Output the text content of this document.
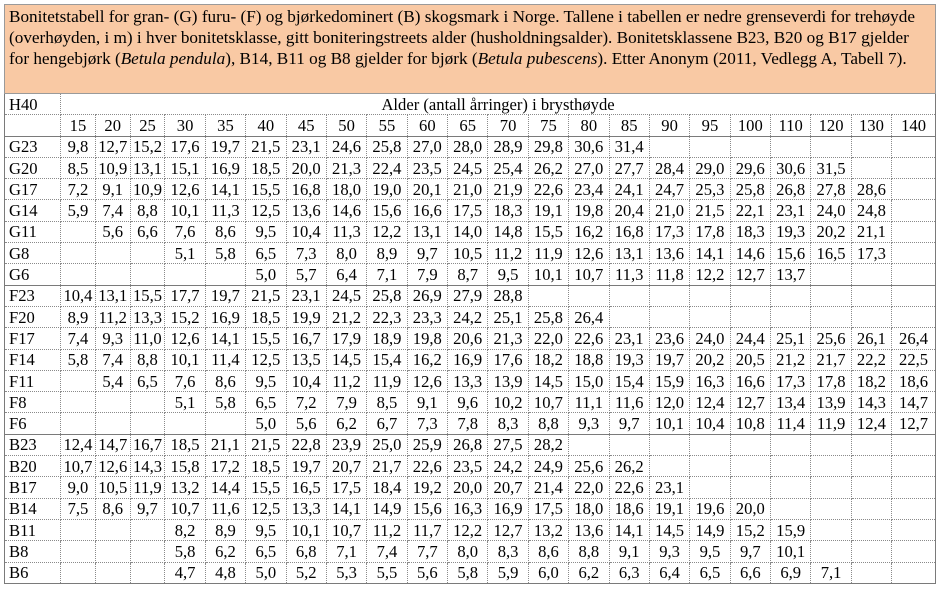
Bonitetstabell for gran- (G) furu- (F) og bjørkedominert (B) skogsmark i Norge. Tallene i tabellen er nedre grenseverdi for trehøyde (overhøyden, i m) i hver bonitetsklasse, gitt boniteringstreets alder (husholdningsalder). Bonitetsklassene B23, B20 og B17 gjelder for hengebjørk (Betula pendula), B14, B11 og B8 gjelder for bjørk (Betula pubescens). Etter Anonym (2011, Vedlegg A, Tabell 7).
H40	Alder (antall årringer) i brysthøyde																					
	15	20	25	30	35	40	45	50	55	60	65	70	75	80	85	90	95	100	110	120	130	140
G23	9,8	12,7	15,2	17,6	19,7	21,5	23,1	24,6	25,8	27,0	28,0	28,9	29,8	30,6	31,4							
G20	8,5	10,9	13,1	15,1	16,9	18,5	20,0	21,3	22,4	23,5	24,5	25,4	26,2	27,0	27,7	28,4	29,0	29,6	30,6	31,5		
G17	7,2	9,1	10,9	12,6	14,1	15,5	16,8	18,0	19,0	20,1	21,0	21,9	22,6	23,4	24,1	24,7	25,3	25,8	26,8	27,8	28,6	
G14	5,9	7,4	8,8	10,1	11,3	12,5	13,6	14,6	15,6	16,6	17,5	18,3	19,1	19,8	20,4	21,0	21,5	22,1	23,1	24,0	24,8	
G11		5,6	6,6	7,6	8,6	9,5	10,4	11,3	12,2	13,1	14,0	14,8	15,5	16,2	16,8	17,3	17,8	18,3	19,3	20,2	21,1	
G8				5,1	5,8	6,5	7,3	8,0	8,9	9,7	10,5	11,2	11,9	12,6	13,1	13,6	14,1	14,6	15,6	16,5	17,3	
G6						5,0	5,7	6,4	7,1	7,9	8,7	9,5	10,1	10,7	11,3	11,8	12,2	12,7	13,7			
F23	10,4	13,1	15,5	17,7	19,7	21,5	23,1	24,5	25,8	26,9	27,9	28,8										
F20	8,9	11,2	13,3	15,2	16,9	18,5	19,9	21,2	22,3	23,3	24,2	25,1	25,8	26,4								
F17	7,4	9,3	11,0	12,6	14,1	15,5	16,7	17,9	18,9	19,8	20,6	21,3	22,0	22,6	23,1	23,6	24,0	24,4	25,1	25,6	26,1	26,4
F14	5,8	7,4	8,8	10,1	11,4	12,5	13,5	14,5	15,4	16,2	16,9	17,6	18,2	18,8	19,3	19,7	20,2	20,5	21,2	21,7	22,2	22,5
F11		5,4	6,5	7,6	8,6	9,5	10,4	11,2	11,9	12,6	13,3	13,9	14,5	15,0	15,4	15,9	16,3	16,6	17,3	17,8	18,2	18,6
F8				5,1	5,8	6,5	7,2	7,9	8,5	9,1	9,6	10,2	10,7	11,1	11,6	12,0	12,4	12,7	13,4	13,9	14,3	14,7
F6						5,0	5,6	6,2	6,7	7,3	7,8	8,3	8,8	9,3	9,7	10,1	10,4	10,8	11,4	11,9	12,4	12,7
B23	12,4	14,7	16,7	18,5	21,1	21,5	22,8	23,9	25,0	25,9	26,8	27,5	28,2									
B20	10,7	12,6	14,3	15,8	17,2	18,5	19,7	20,7	21,7	22,6	23,5	24,2	24,9	25,6	26,2							
B17	9,0	10,5	11,9	13,2	14,4	15,5	16,5	17,5	18,4	19,2	20,0	20,7	21,4	22,0	22,6	23,1						
B14	7,5	8,6	9,7	10,7	11,6	12,5	13,3	14,1	14,9	15,6	16,3	16,9	17,5	18,0	18,6	19,1	19,6	20,0				
B11				8,2	8,9	9,5	10,1	10,7	11,2	11,7	12,2	12,7	13,2	13,6	14,1	14,5	14,9	15,2	15,9			
B8				5,8	6,2	6,5	6,8	7,1	7,4	7,7	8,0	8,3	8,6	8,8	9,1	9,3	9,5	9,7	10,1			
B6				4,7	4,8	5,0	5,2	5,3	5,5	5,6	5,8	5,9	6,0	6,2	6,3	6,4	6,5	6,6	6,9	7,1		
